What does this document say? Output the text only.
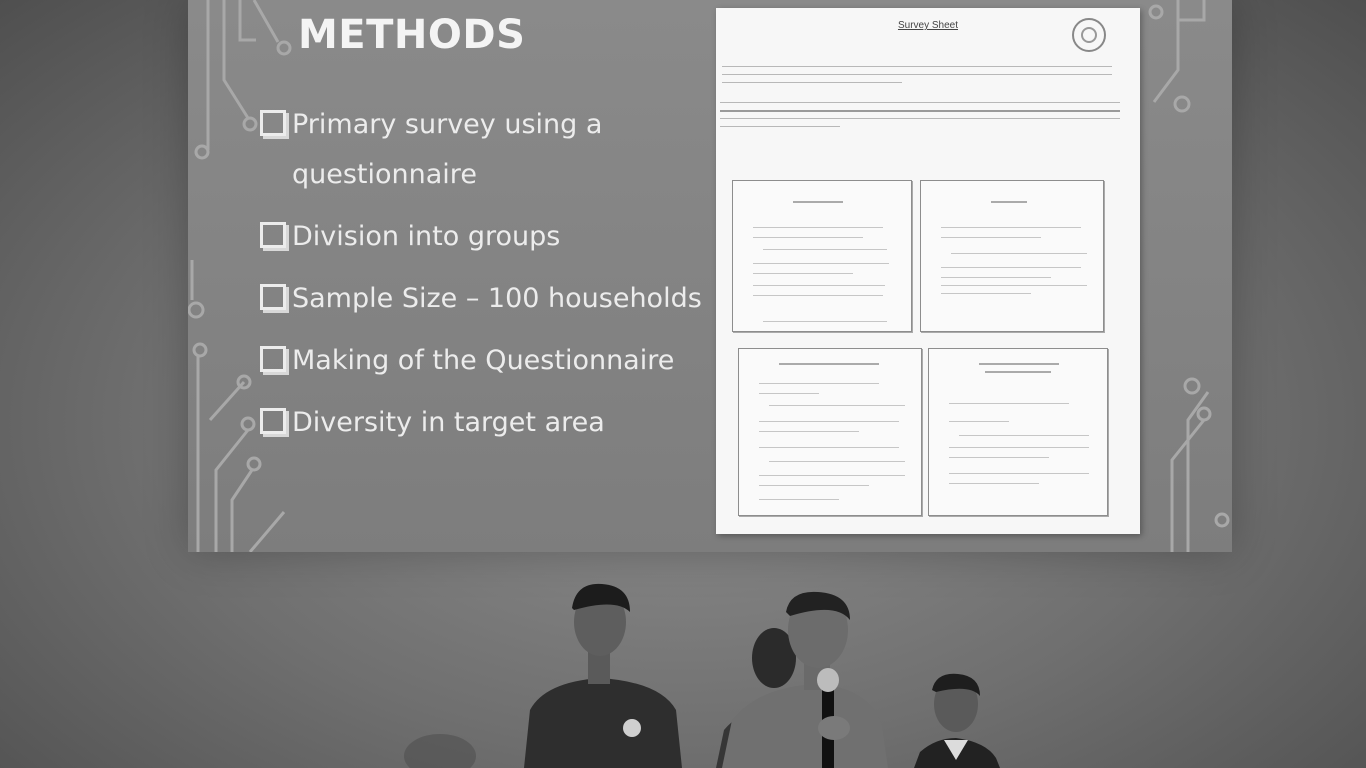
METHODS
Primary survey using a questionnaire
Division into groups
Sample Size – 100 households
Making of the Questionnaire
Diversity in target area
Survey Sheet
